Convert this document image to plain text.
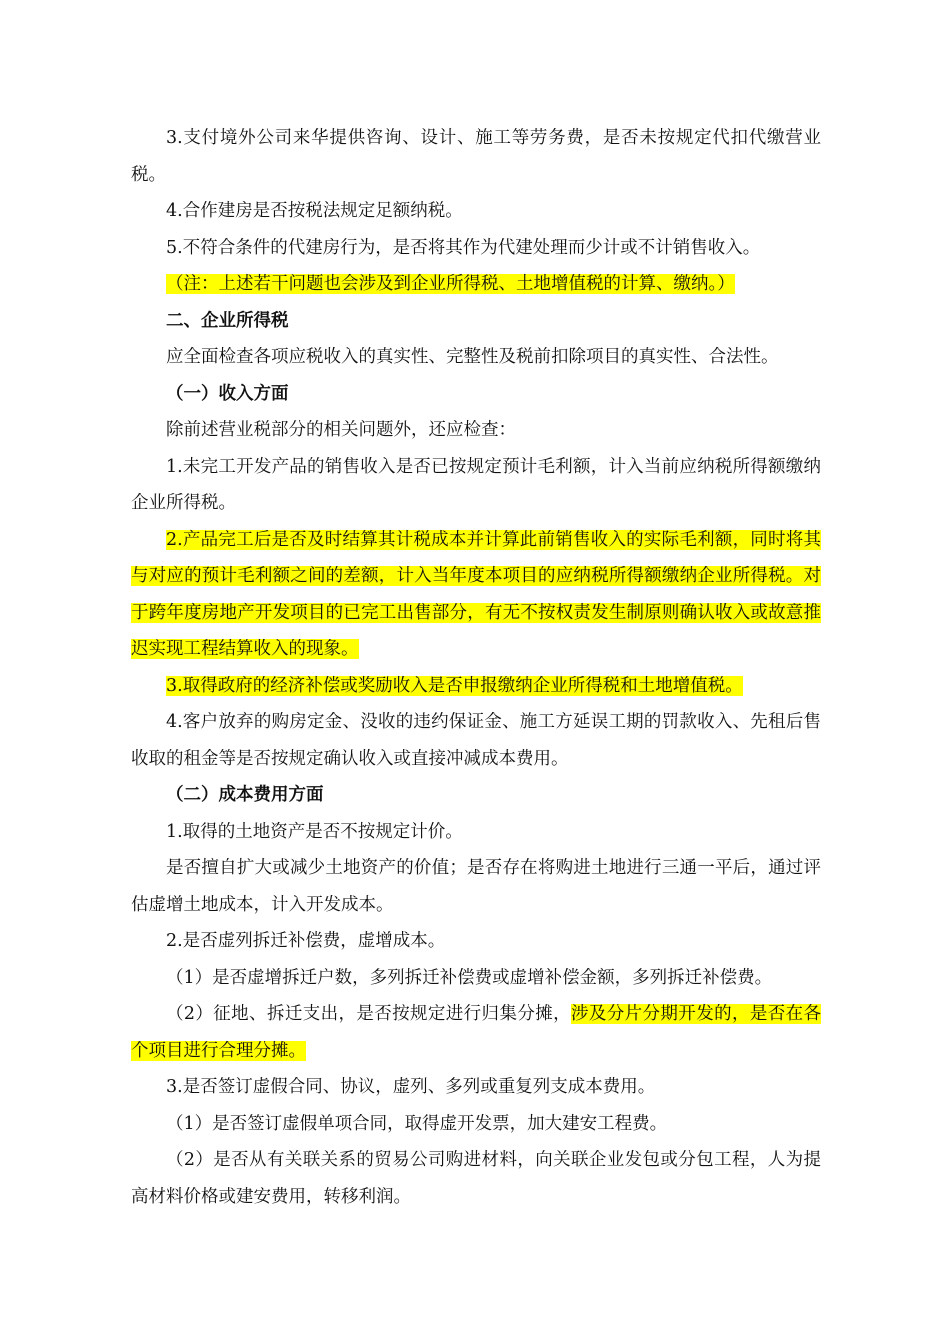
3.支付境外公司来华提供咨询、设计、施工等劳务费，是否未按规定代扣代缴营业税。

4.合作建房是否按税法规定足额纳税。

5.不符合条件的代建房行为，是否将其作为代建处理而少计或不计销售收入。

（注：上述若干问题也会涉及到企业所得税、土地增值税的计算、缴纳。）

二、企业所得税

应全面检查各项应税收入的真实性、完整性及税前扣除项目的真实性、合法性。

（一）收入方面

除前述营业税部分的相关问题外，还应检查：

1.未完工开发产品的销售收入是否已按规定预计毛利额，计入当前应纳税所得额缴纳企业所得税。

2.产品完工后是否及时结算其计税成本并计算此前销售收入的实际毛利额，同时将其与对应的预计毛利额之间的差额，计入当年度本项目的应纳税所得额缴纳企业所得税。对于跨年度房地产开发项目的已完工出售部分，有无不按权责发生制原则确认收入或故意推迟实现工程结算收入的现象。

3.取得政府的经济补偿或奖励收入是否申报缴纳企业所得税和土地增值税。

4.客户放弃的购房定金、没收的违约保证金、施工方延误工期的罚款收入、先租后售收取的租金等是否按规定确认收入或直接冲减成本费用。

（二）成本费用方面

1.取得的土地资产是否不按规定计价。

是否擅自扩大或减少土地资产的价值；是否存在将购进土地进行三通一平后，通过评估虚增土地成本，计入开发成本。

2.是否虚列拆迁补偿费，虚增成本。

（1）是否虚增拆迁户数，多列拆迁补偿费或虚增补偿金额，多列拆迁补偿费。

（2）征地、拆迁支出，是否按规定进行归集分摊，涉及分片分期开发的，是否在各个项目进行合理分摊。

3.是否签订虚假合同、协议，虚列、多列或重复列支成本费用。

（1）是否签订虚假单项合同，取得虚开发票，加大建安工程费。

（2）是否从有关联关系的贸易公司购进材料，向关联企业发包或分包工程，人为提高材料价格或建安费用，转移利润。
